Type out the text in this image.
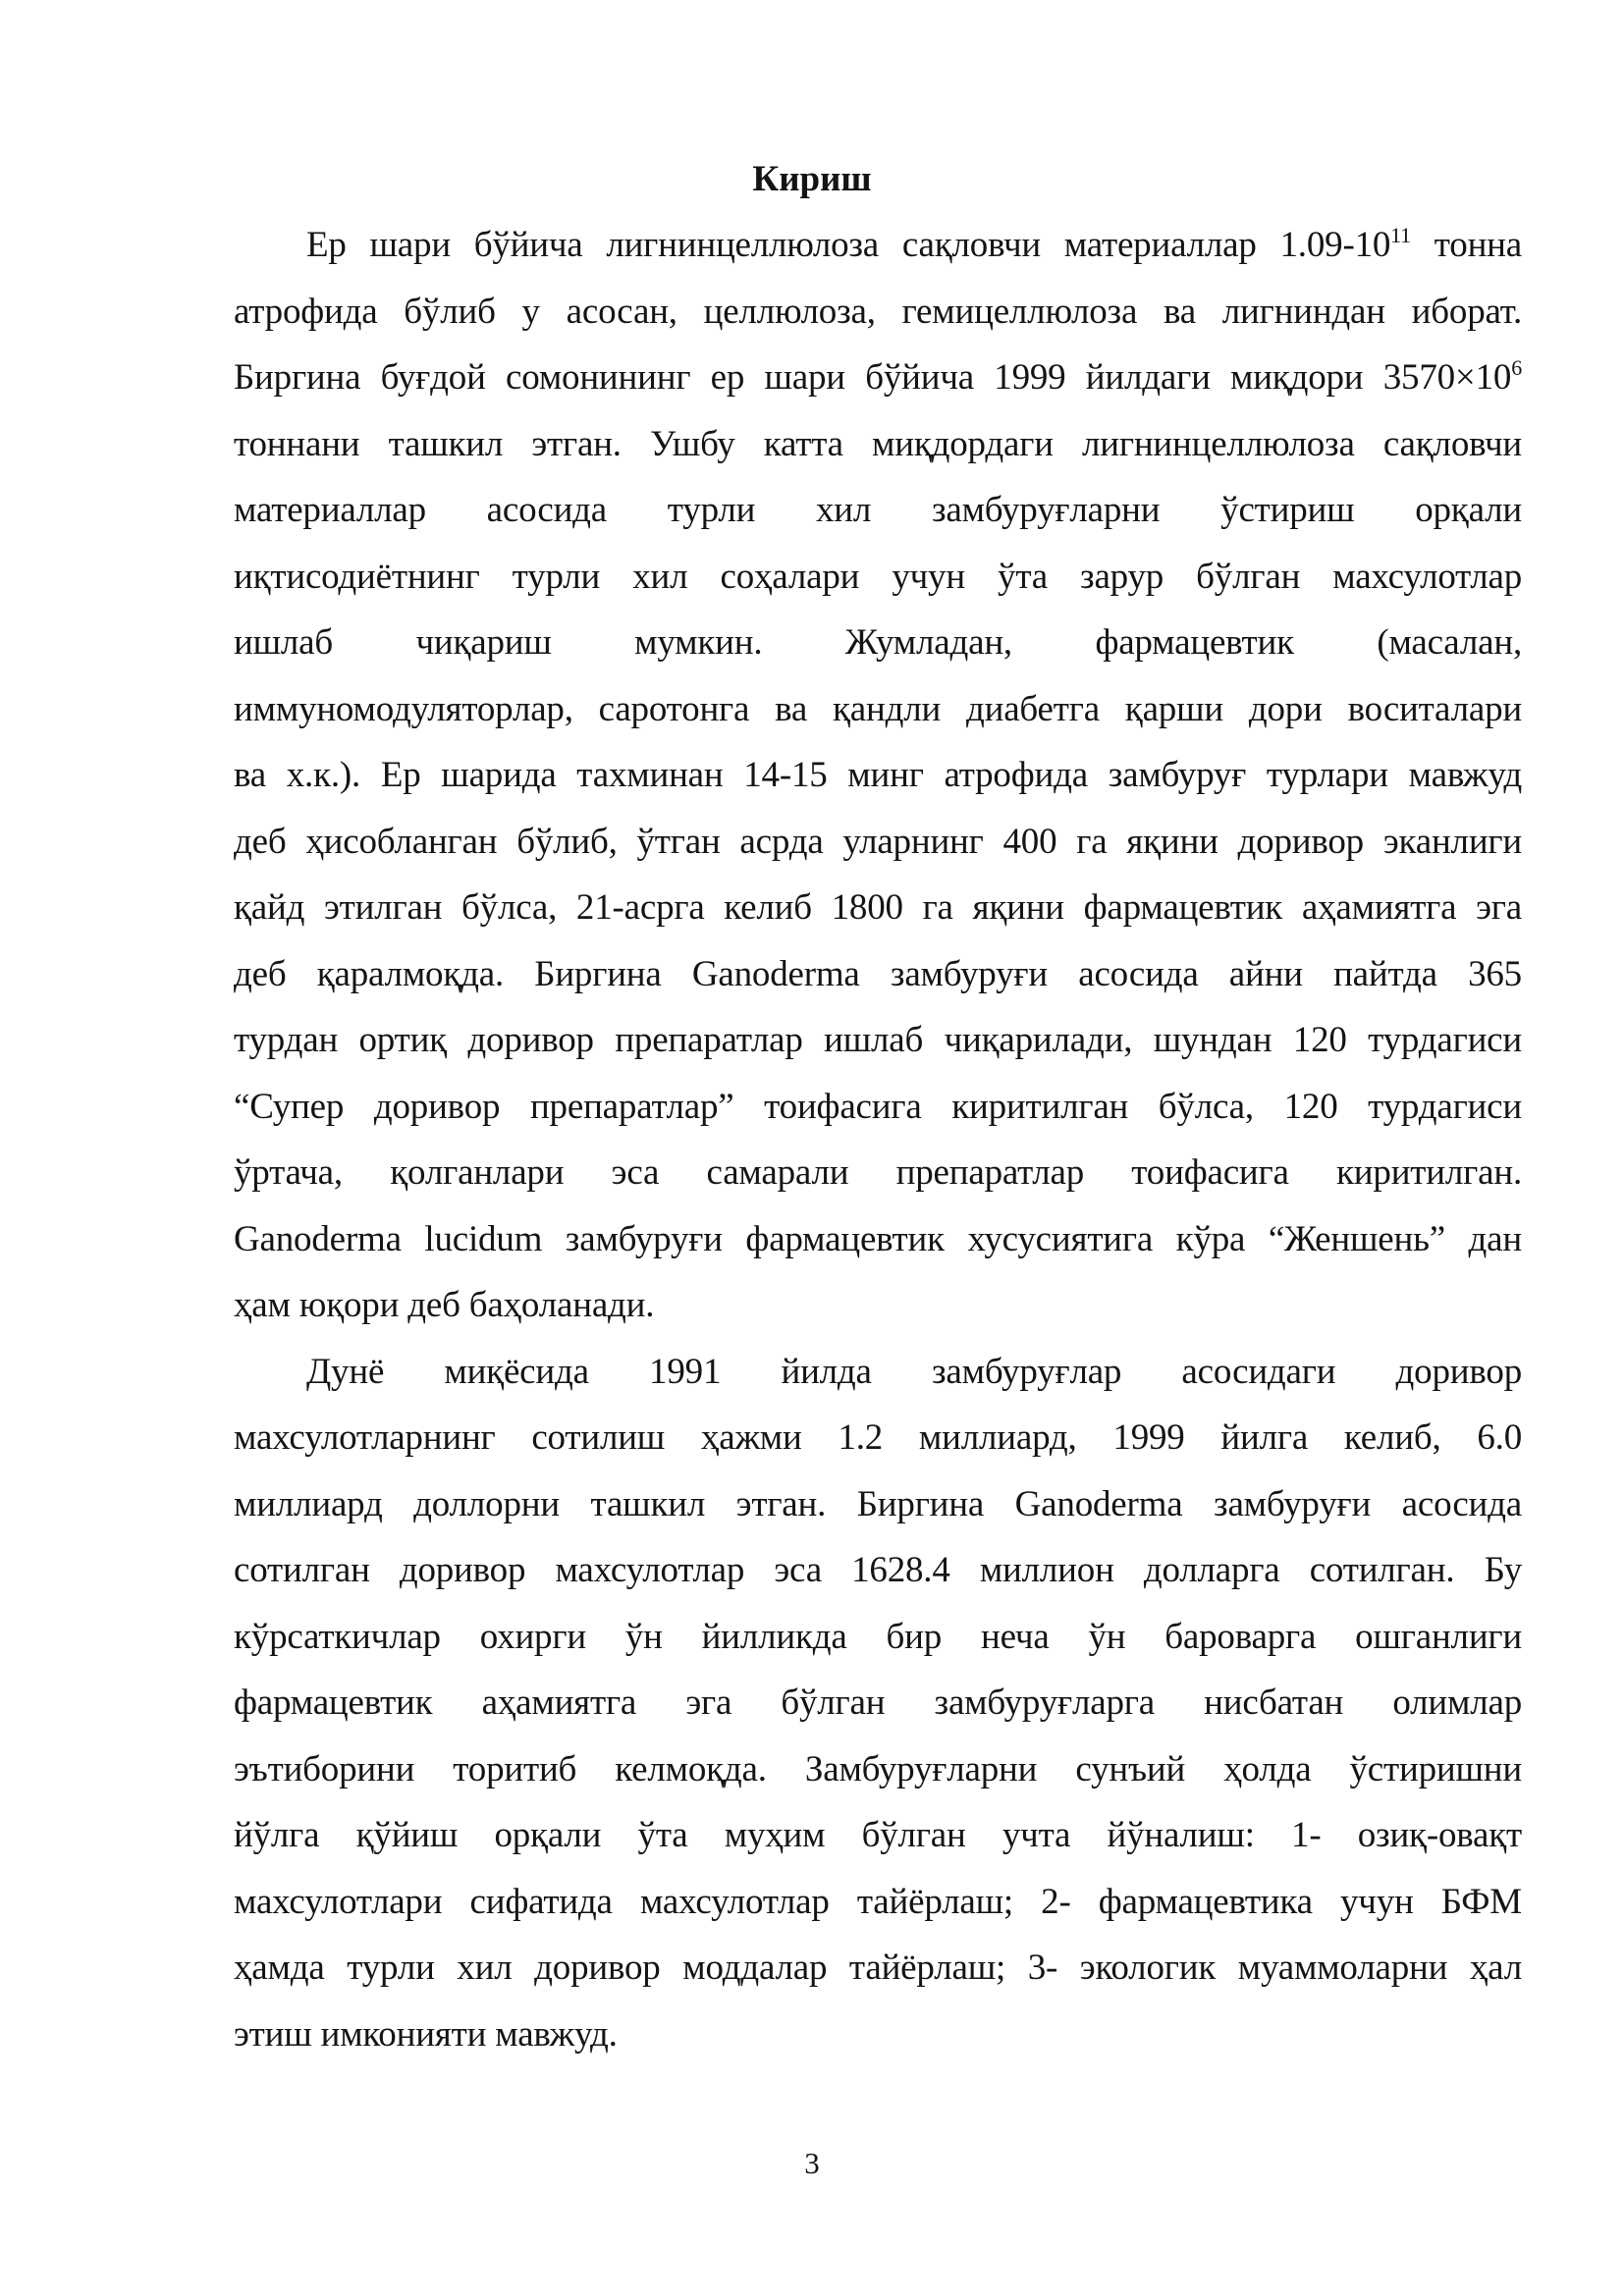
Кириш

Ер шари бўйича лигнинцеллюлоза сақловчи материаллар $1.09-10^{11}$ тонна
атрофида бўлиб у асосан, целлюлоза, гемицеллюлоза ва лигниндан иборат.
Биргина буғдой сомонининг ер шари бўйича 1999 йилдаги миқдори $3570\times 10^6$
тоннани ташкил этган. Ушбу катта миқдордаги лигнинцеллюлоза сақловчи
материаллар асосида турли хил замбуруғларни ўстириш орқали
иқтисодиётнинг турли хил соҳалари учун ўта зарур бўлган махсулотлар
ишлаб чиқариш мумкин. Жумладан, фармацевтик (масалан,
иммуномодуляторлар, саротонга ва қандли диабетга қарши дори воситалари
ва х.к.). Ер шарида тахминан 14-15 минг атрофида замбуруғ турлари мавжуд
деб ҳисобланган бўлиб, ўтган асрда уларнинг 400 га яқини доривор эканлиги
қайд этилган бўлса, 21-асрга келиб 1800 га яқини фармацевтик аҳамиятга эга
деб қаралмоқда. Биргина Ganoderma замбуруғи асосида айни пайтда 365
турдан ортиқ доривор препаратлар ишлаб чиқарилади, шундан 120 турдагиси
“Супер доривор препаратлар” тоифасига киритилган бўлса, 120 турдагиси
ўртача, қолганлари эса самарали препаратлар тоифасига киритилган.
Ganoderma lucidum замбуруғи фармацевтик хусусиятига кўра “Женшень” дан
ҳам юқори деб баҳоланади.

Дунё миқёсида 1991 йилда замбуруғлар асосидаги доривор
махсулотларнинг сотилиш ҳажми 1.2 миллиард, 1999 йилга келиб, 6.0
миллиард доллорни ташкил этган. Биргина Ganoderma замбуруғи асосида
сотилган доривор махсулотлар эса 1628.4 миллион долларга сотилган. Бу
кўрсаткичлар охирги ўн йилликда бир неча ўн бароварга ошганлиги
фармацевтик аҳамиятга эга бўлган замбуруғларга нисбатан олимлар
эътиборини торитиб келмоқда. Замбуруғларни сунъий ҳолда ўстиришни
йўлга қўйиш орқали ўта муҳим бўлган учта йўналиш: 1- озиқ-овақт
махсулотлари сифатида махсулотлар тайёрлаш; 2- фармацевтика учун БФМ
ҳамда турли хил доривор моддалар тайёрлаш; 3- экологик муаммоларни ҳал
этиш имконияти мавжуд.

3
